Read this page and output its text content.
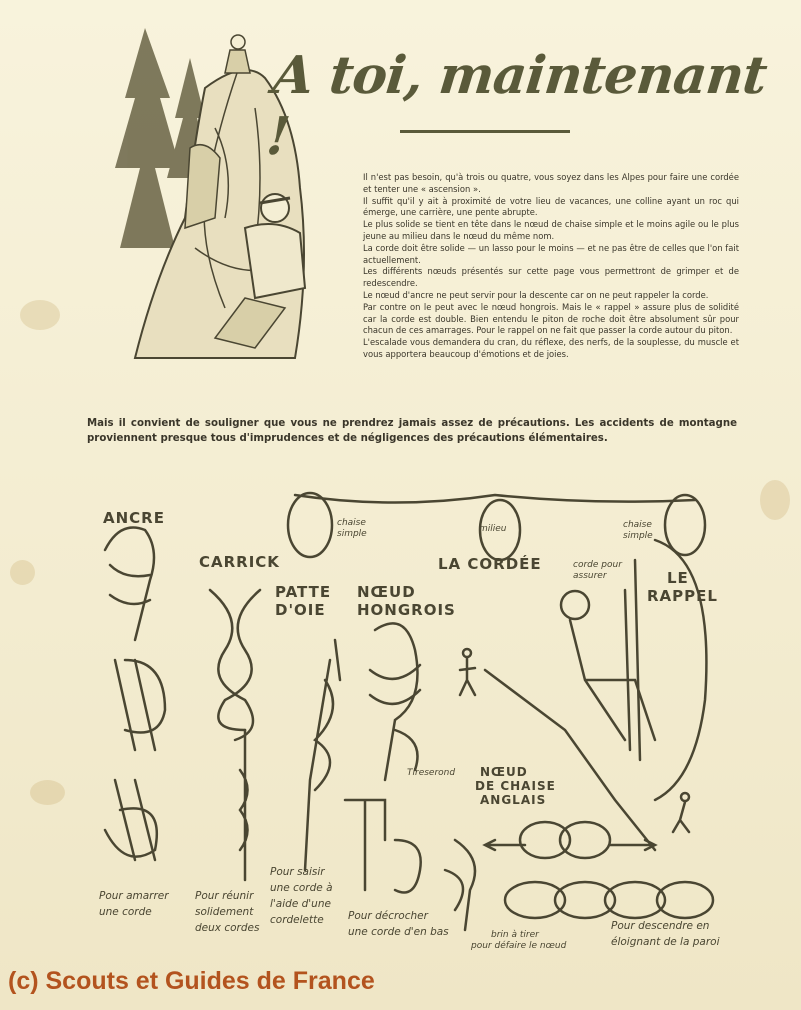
A toi, maintenant !

Il n'est pas besoin, qu'à trois ou quatre, vous soyez dans les Alpes pour faire une cordée et tenter une « ascension ».

Il suffit qu'il y ait à proximité de votre lieu de vacances, une colline ayant un roc qui émerge, une carrière, une pente abrupte.

Le plus solide se tient en tête dans le nœud de chaise simple et le moins agile ou le plus jeune au milieu dans le nœud du même nom.

La corde doit être solide — un lasso pour le moins — et ne pas être de celles que l'on fait actuellement.

Les différents nœuds présentés sur cette page vous permettront de grimper et de redescendre.

Le nœud d'ancre ne peut servir pour la descente car on ne peut rappeler la corde.

Par contre on le peut avec le nœud hongrois. Mais le « rappel » assure plus de solidité car la corde est double. Bien entendu le piton de roche doit être absolument sûr pour chacun de ces amarrages. Pour le rappel on ne fait que passer la corde autour du piton.

L'escalade vous demandera du cran, du réflexe, des nerfs, de la souplesse, du muscle et vous apportera beaucoup d'émotions et de joies.

Mais il convient de souligner que vous ne prendrez jamais assez de précautions. Les accidents de montagne proviennent presque tous d'imprudences et de négligences des précautions élémentaires.
ANCRE
CARRICK
PATTE
D'OIE
NŒUD
HONGROIS
LA CORDÉE
LE
RAPPEL
NŒUD
DE CHAISE
ANGLAIS
chaise
simple	milieu	chaise
simple
corde pour
assurer
Tireserond
brin à tirer
pour défaire le nœud
Pour amarrer
une corde
Pour réunir
solidement
deux cordes
Pour saisir
une corde à
l'aide d'une
cordelette Pour décrocher
une corde d'en bas	Pour descendre en
éloignant de la paroi
(c) Scouts et Guides de France
